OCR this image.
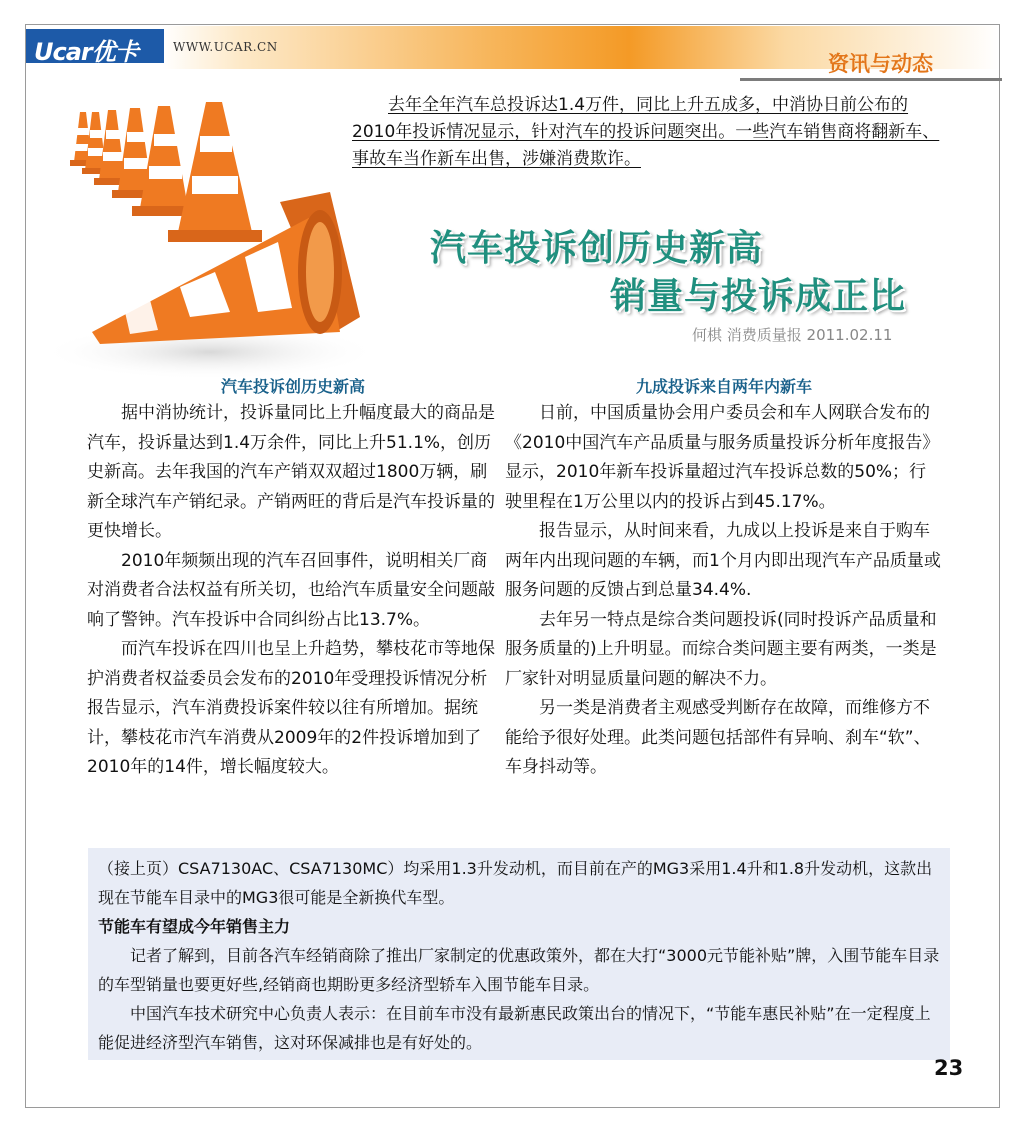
Ucar优卡	WWW.UCAR.CN
资讯与动态
去年全年汽车总投诉达1.4万件，同比上升五成多，中消协日前公布的2010年投诉情况显示，针对汽车的投诉问题突出。一些汽车销售商将翻新车、事故车当作新车出售，涉嫌消费欺诈。
汽车投诉创历史新高
销量与投诉成正比
何棋 消费质量报 2011.02.11
汽车投诉创历史新高

据中消协统计，投诉量同比上升幅度最大的商品是汽车，投诉量达到1.4万余件，同比上升51.1%，创历史新高。去年我国的汽车产销双双超过1800万辆，刷新全球汽车产销纪录。产销两旺的背后是汽车投诉量的更快增长。

2010年频频出现的汽车召回事件，说明相关厂商对消费者合法权益有所关切，也给汽车质量安全问题敲响了警钟。汽车投诉中合同纠纷占比13.7%。

而汽车投诉在四川也呈上升趋势，攀枝花市等地保护消费者权益委员会发布的2010年受理投诉情况分析报告显示，汽车消费投诉案件较以往有所增加。据统计，攀枝花市汽车消费从2009年的2件投诉增加到了2010年的14件，增长幅度较大。

九成投诉来自两年内新车

日前，中国质量协会用户委员会和车人网联合发布的《2010中国汽车产品质量与服务质量投诉分析年度报告》显示，2010年新车投诉量超过汽车投诉总数的50%；行驶里程在1万公里以内的投诉占到45.17%。

报告显示，从时间来看，九成以上投诉是来自于购车两年内出现问题的车辆，而1个月内即出现汽车产品质量或服务问题的反馈占到总量34.4%.

去年另一特点是综合类问题投诉(同时投诉产品质量和服务质量的)上升明显。而综合类问题主要有两类，一类是厂家针对明显质量问题的解决不力。

另一类是消费者主观感受判断存在故障，而维修方不能给予很好处理。此类问题包括部件有异响、刹车“软”、车身抖动等。

（接上页）CSA7130AC、CSA7130MC）均采用1.3升发动机，而目前在产的MG3采用1.4升和1.8升发动机，这款出现在节能车目录中的MG3很可能是全新换代车型。

节能车有望成今年销售主力

记者了解到，目前各汽车经销商除了推出厂家制定的优惠政策外，都在大打“3000元节能补贴”牌，入围节能车目录的车型销量也要更好些,经销商也期盼更多经济型轿车入围节能车目录。

中国汽车技术研究中心负责人表示：在目前车市没有最新惠民政策出台的情况下，“节能车惠民补贴”在一定程度上能促进经济型汽车销售，这对环保减排也是有好处的。

23
